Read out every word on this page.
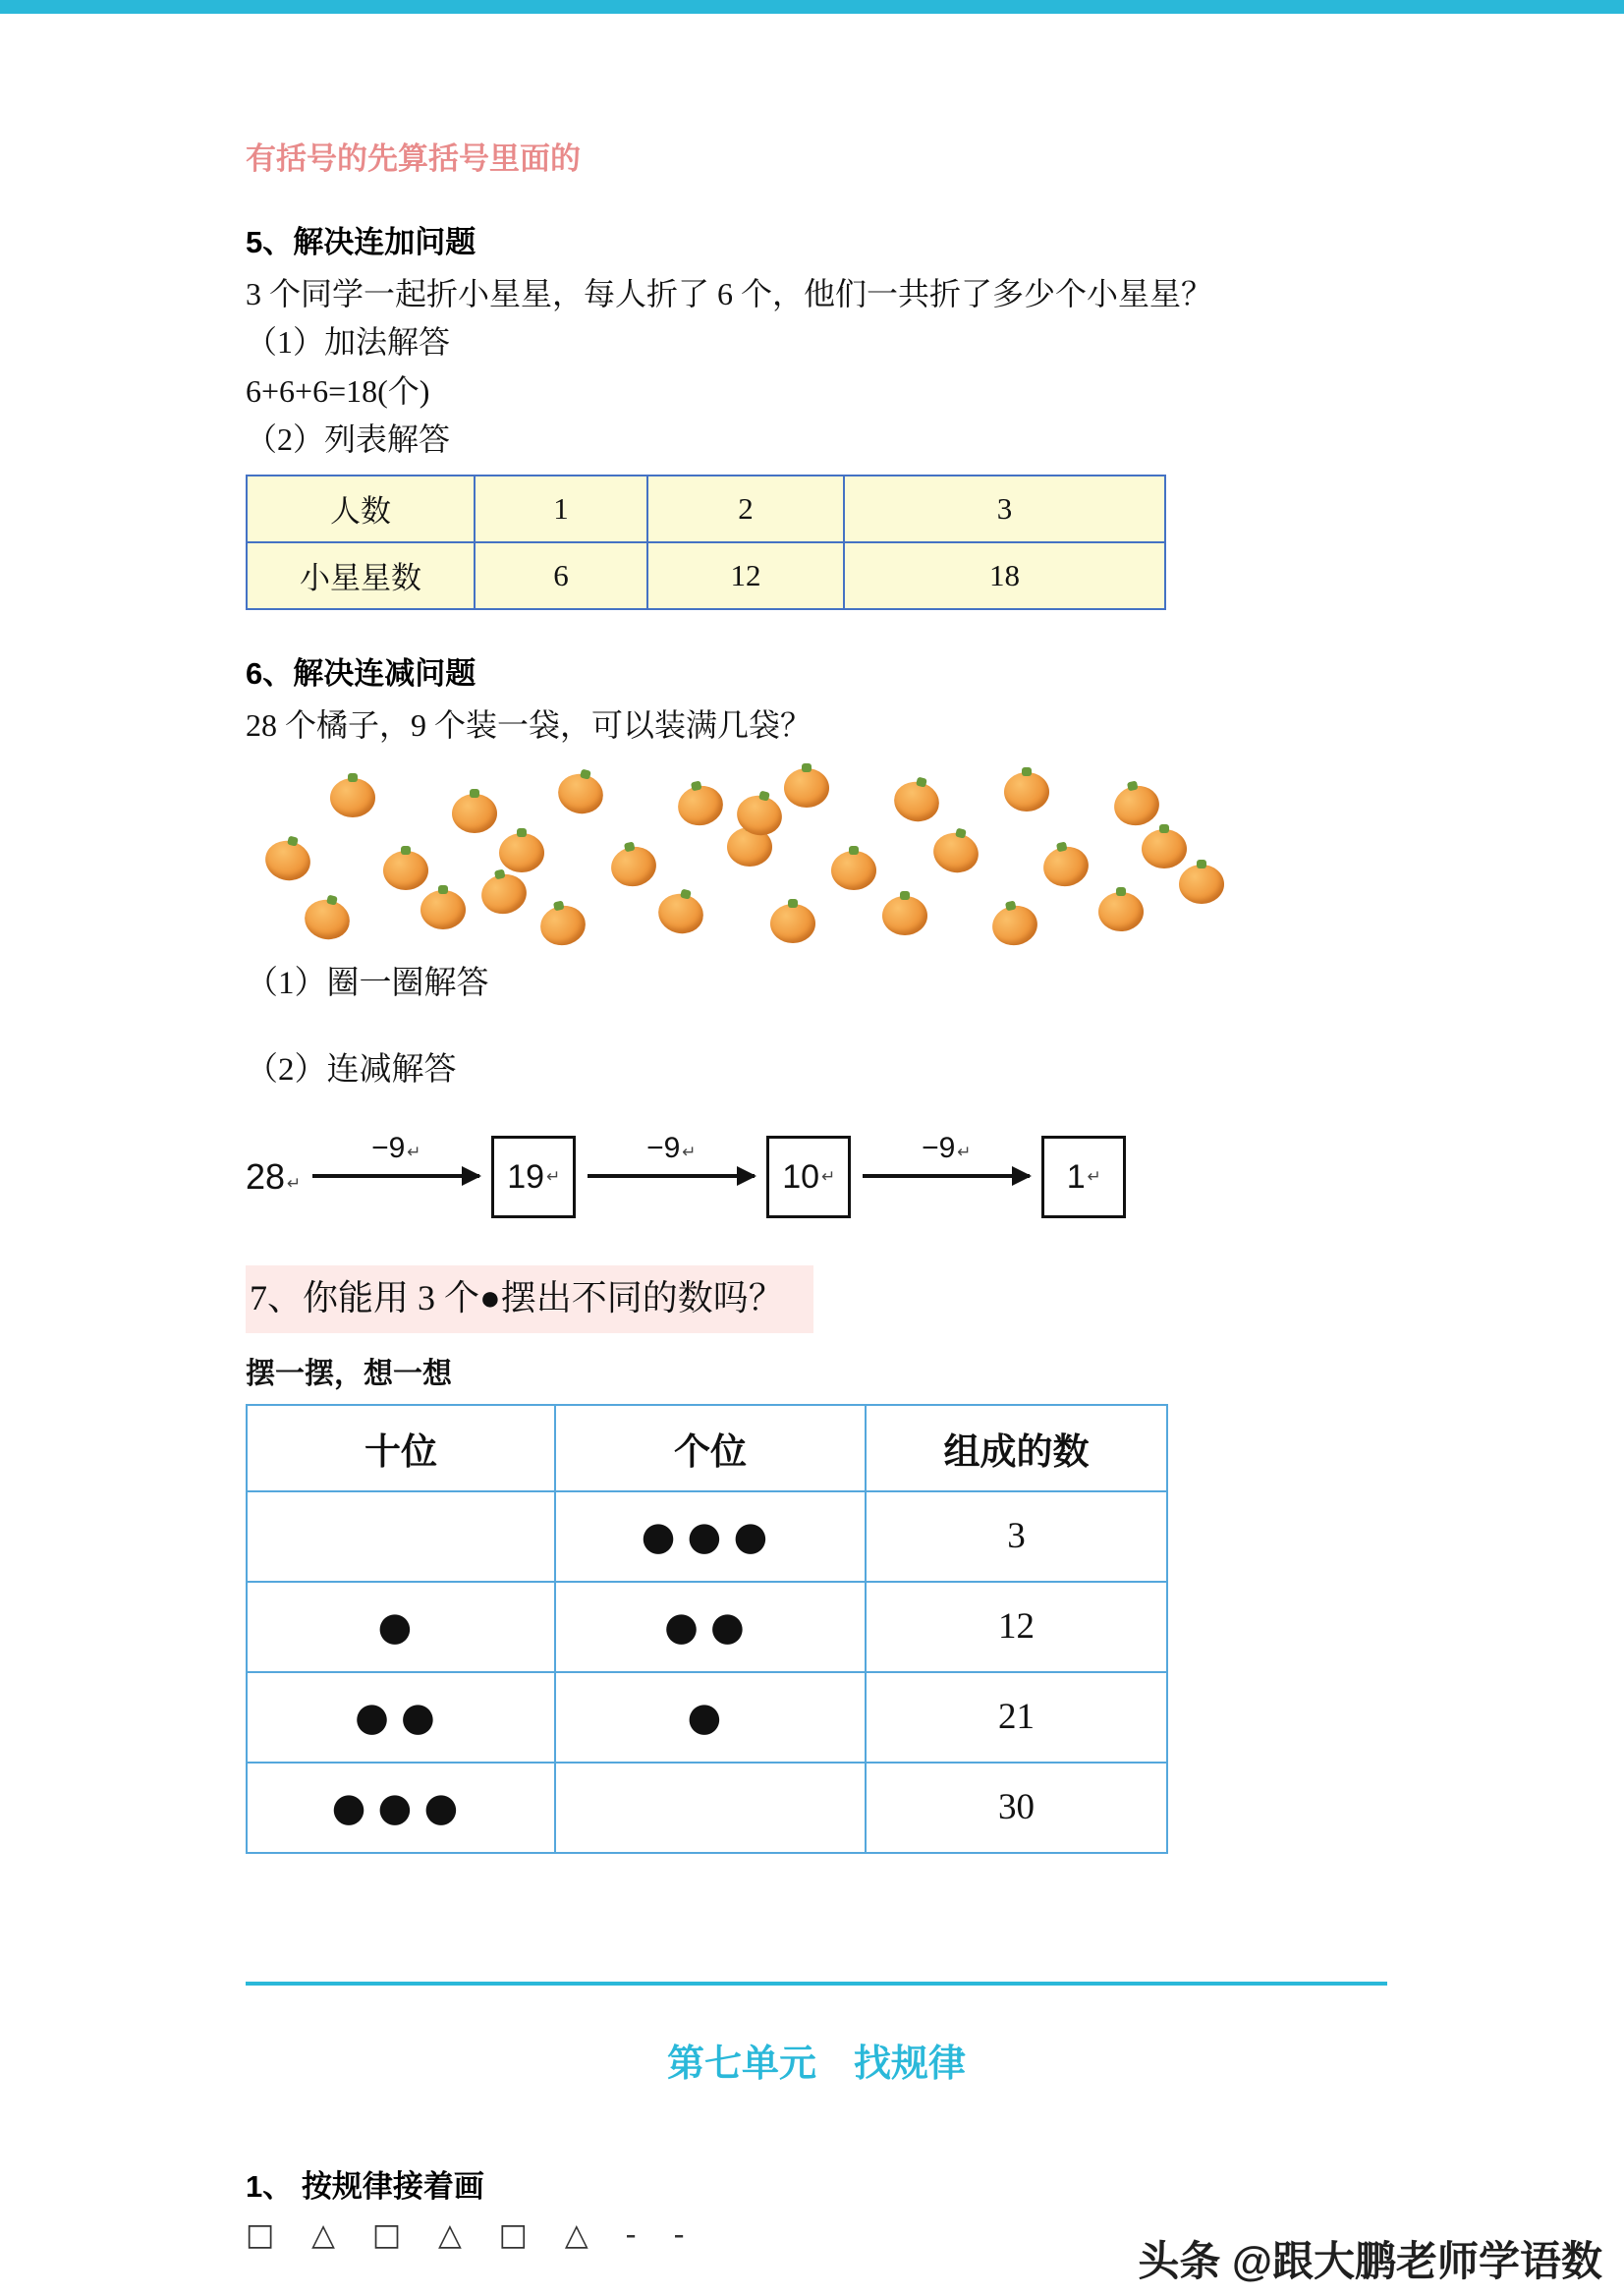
有括号的先算括号里面的

5、解决连加问题

3 个同学一起折小星星，每人折了 6 个，他们一共折了多少个小星星？

（1）加法解答

6+6+6=18(个)

（2）列表解答

人数	1	2	3
小星星数	6	12	18
6、解决连减问题

28 个橘子，9 个装一袋，可以装满几袋？

（1）圈一圈解答

（2）连减解答

28 ↵
−9 ↵
19 ↵
−9 ↵
10 ↵
−9 ↵
1 ↵
7、你能用 3 个●摆出不同的数吗？

摆一摆，想一想

十位	个位	组成的数
	●●●	3
●	●●	12
●●	●	21
●●●		30
第七单元　找规律
1、 按规律接着画

□ △ □ △ □ △ - -

头条 @跟大鹏老师学语数
